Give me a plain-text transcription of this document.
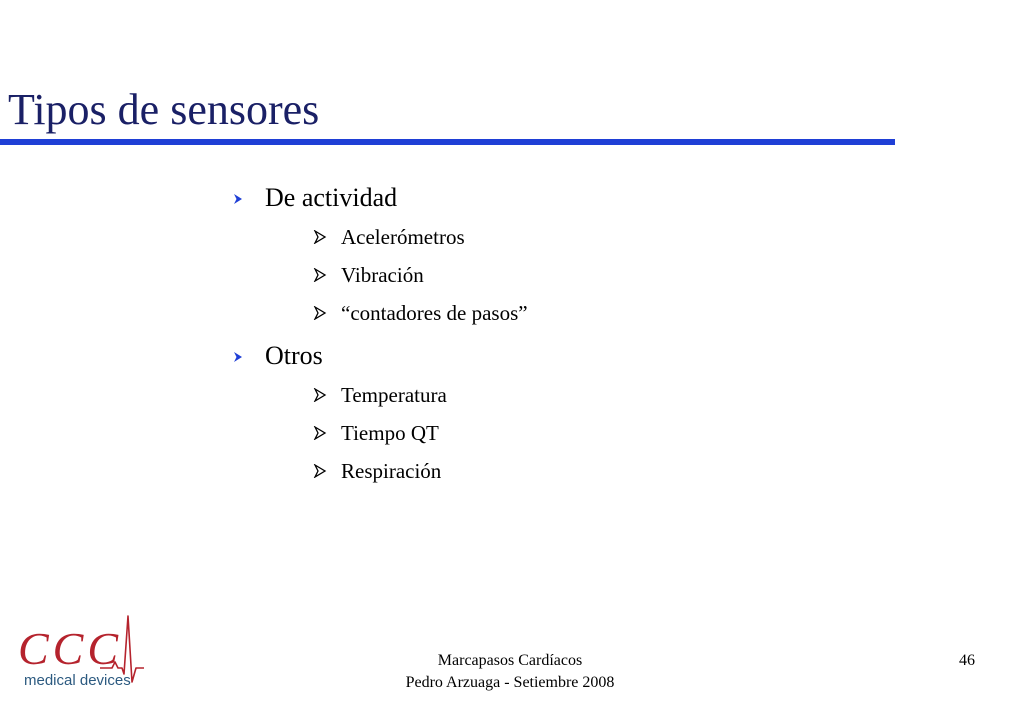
Tipos de sensores
De actividad
Acelerómetros
Vibración
“contadores de pasos”
Otros
Temperatura
Tiempo QT
Respiración
CCC
medical devices
Marcapasos Cardíacos
Pedro Arzuaga - Setiembre 2008
46
